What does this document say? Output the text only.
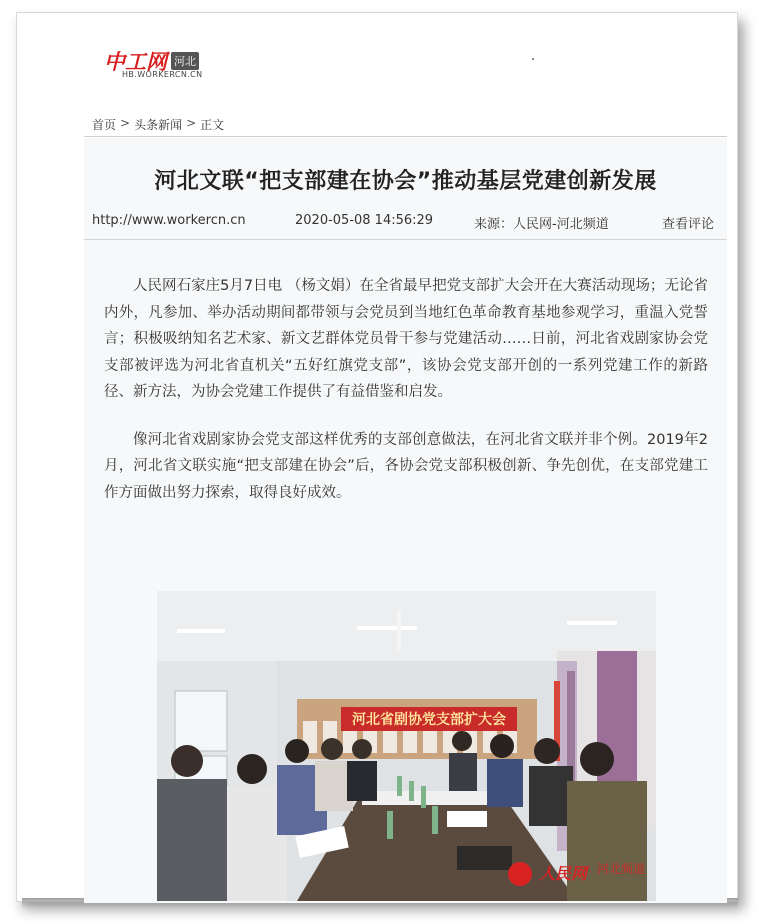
中工网 河北
HB.WORKERCN.CN
首页 > 头条新闻 > 正文
河北文联“把支部建在协会”推动基层党建创新发展
http://www.workercn.cn	2020-05-08 14:56:29	来源：人民网-河北频道	查看评论

人民网石家庄5月7日电 （杨文娟）在全省最早把党支部扩大会开在大赛活动现场；无论省内外，凡参加、举办活动期间都带领与会党员到当地红色革命教育基地参观学习，重温入党誓言；积极吸纳知名艺术家、新文艺群体党员骨干参与党建活动……日前，河北省戏剧家协会党支部被评选为河北省直机关“五好红旗党支部”，该协会党支部开创的一系列党建工作的新路径、新方法，为协会党建工作提供了有益借鉴和启发。

像河北省戏剧家协会党支部这样优秀的支部创意做法，在河北省文联并非个例。2019年2月，河北省文联实施“把支部建在协会”后，各协会党支部积极创新、争先创优，在支部党建工作方面做出努力探索，取得良好成效。

河北省剧协党支部扩大会
人民网 河北频道
